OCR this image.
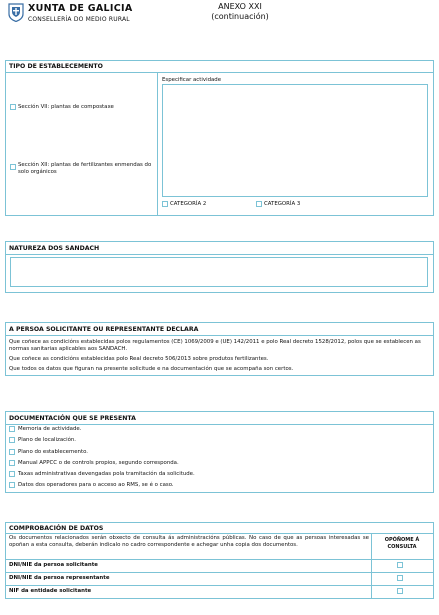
XUNTA DE GALICIA
CONSELLERÍA DO MEDIO RURAL
ANEXO XXI
(continuación)
TIPO DE ESTABLECEMENTO
Sección VII: plantas de compostaxe
Sección XII: plantas de fertilizantes enmendas do solo orgánicos
Especificar actividade
CATEGORÍA 2	CATEGORÍA 3
NATUREZA DOS SANDACH
A PERSOA SOLICITANTE OU REPRESENTANTE DECLARA
Que coñece as condicións establecidas polos regulamentos (CE) 1069/2009 e (UE) 142/2011 e polo Real decreto 1528/2012, polos que se establecen as normas sanitarias aplicables aos SANDACH.
Que coñece as condicións establecidas polo Real decreto 506/2013 sobre produtos fertilizantes.
Que todos os datos que figuran na presente solicitude e na documentación que se acompaña son certos.
DOCUMENTACIÓN QUE SE PRESENTA
Memoria de actividade.
Plano de localización.
Plano do establecemento.
Manual APPCC o de controls propios, segundo corresponda.
Taxas administrativas devengadas pola tramitación da solicitude.
Datos dos operadores para o acceso ao RMS, se é o caso.
COMPROBACIÓN DE DATOS
Os documentos relacionados serán obxecto de consulta ás administracións públicas. No caso de que as persoas interesadas se opoñan a esta consulta, deberán indicalo no cadro correspondente e achegar unha copia dos documentos.
OPÓÑOME Á CONSULTA
DNI/NIE da persoa solicitante
DNI/NIE da persoa representante
NIF da entidade solicitante
